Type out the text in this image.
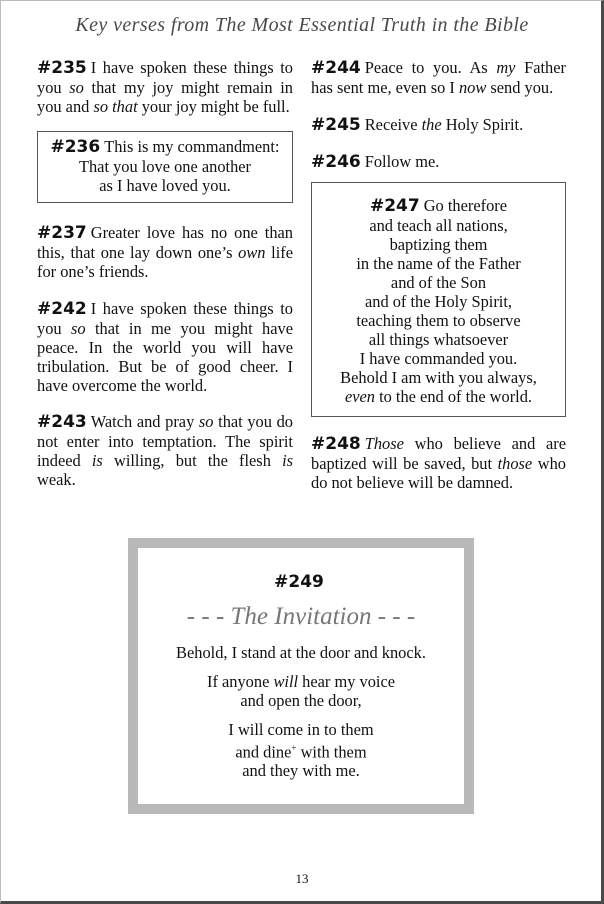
Key verses from The Most Essential Truth in the Bible

#235 I have spoken these things to you so that my joy might remain in you and so that your joy might be full.

#236 This is my commandment:
That you love one another
as I have loved you.

#237 Greater love has no one than this, that one lay down one’s own life for one’s friends.

#242 I have spoken these things to you so that in me you might have peace. In the world you will have tribulation. But be of good cheer. I have overcome the world.

#243 Watch and pray so that you do not enter into temptation. The spirit indeed is willing, but the flesh is weak.

#244 Peace to you. As my Father has sent me, even so I now send you.

#245 Receive the Holy Spirit.

#246 Follow me.

#247 Go therefore
and teach all nations,
baptizing them
in the name of the Father
and of the Son
and of the Holy Spirit,
teaching them to observe
all things whatsoever
I have commanded you.
Behold I am with you always,
even to the end of the world.

#248 Those who believe and are baptized will be saved, but those who do not believe will be damned.

#249
- - - The Invitation - - -
Behold, I stand at the door and knock.
If anyone will hear my voice
and open the door,
I will come in to them
and dine+ with them
and they with me.
13
